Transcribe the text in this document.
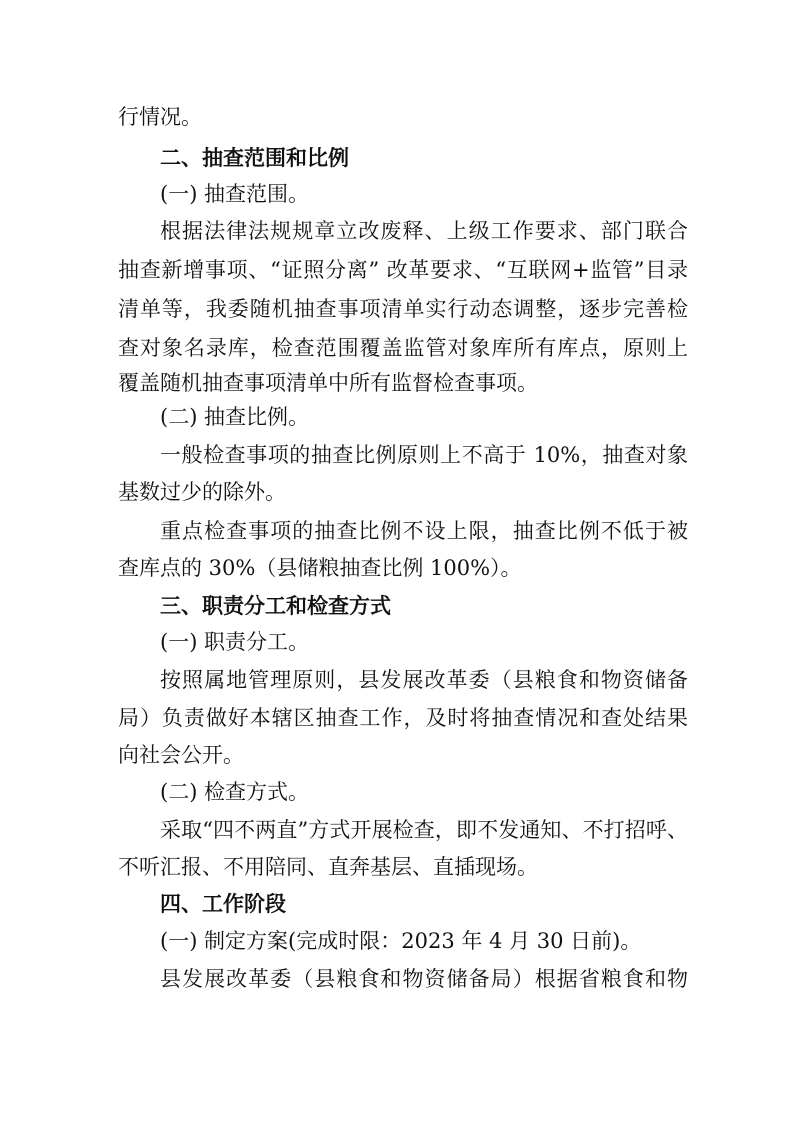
行情况。
二、抽查范围和比例
(一) 抽查范围。
根据法律法规规章立改废释、上级工作要求、部门联合
抽查新增事项、“证照分离” 改革要求、“互联网+监管”目录
清单等，我委随机抽查事项清单实行动态调整，逐步完善检
查对象名录库，检查范围覆盖监管对象库所有库点，原则上
覆盖随机抽查事项清单中所有监督检查事项。
(二) 抽查比例。
一般检查事项的抽查比例原则上不高于 10%，抽查对象
基数过少的除外。
重点检查事项的抽查比例不设上限，抽查比例不低于被
查库点的 30%（县储粮抽查比例 100%）。
三、职责分工和检查方式
(一) 职责分工。
按照属地管理原则，县发展改革委（县粮食和物资储备
局）负责做好本辖区抽查工作，及时将抽查情况和查处结果
向社会公开。
(二) 检查方式。
采取“四不两直”方式开展检查，即不发通知、不打招呼、
不听汇报、不用陪同、直奔基层、直插现场。
四、工作阶段
(一) 制定方案(完成时限：2023 年 4 月 30 日前)。
县发展改革委（县粮食和物资储备局）根据省粮食和物
